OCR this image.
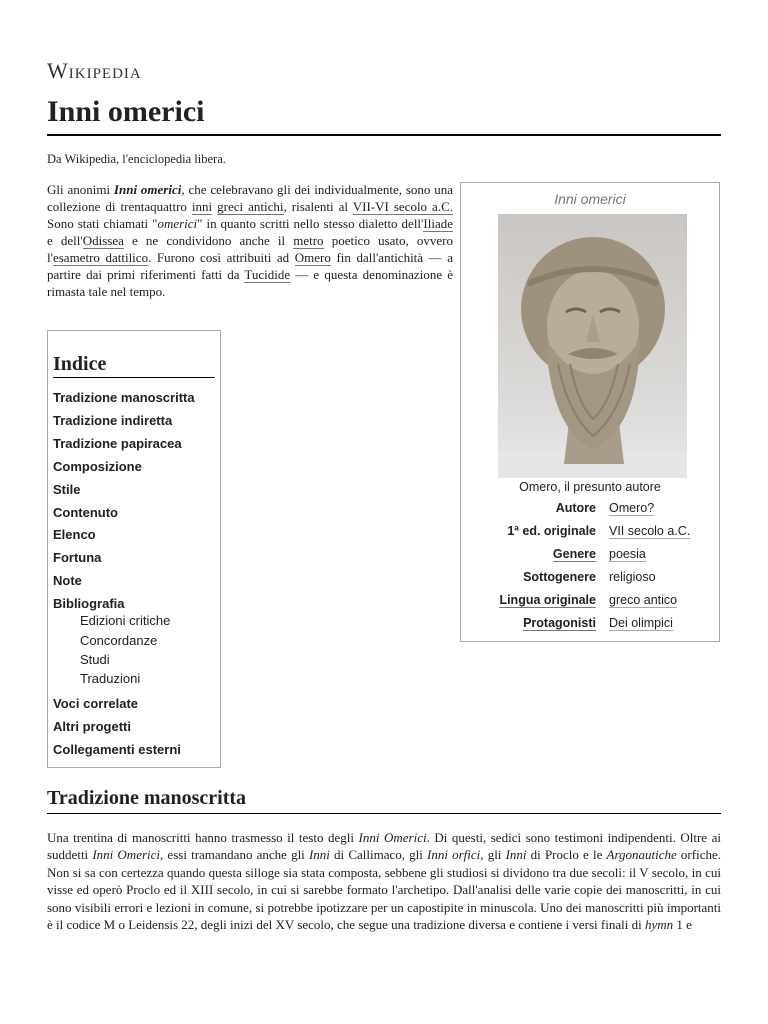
Wikipedia
Inni omerici
Da Wikipedia, l'enciclopedia libera.

Gli anonimi Inni omerici, che celebravano gli dei individualmente, sono una collezione di trentaquattro inni greci antichi, risalenti al VII-VI secolo a.C. Sono stati chiamati "omerici" in quanto scritti nello stesso dialetto dell'Iliade e dell'Odissea e ne condividono anche il metro poetico usato, ovvero l'esametro dattilico. Furono così attribuiti ad Omero fin dall'antichità — a partire dai primi riferimenti fatti da Tucidide — e questa denominazione è rimasta tale nel tempo.

Inni omerici
Omero, il presunto autore
Autore Omero?
1ª ed. originale VII secolo a.C.
Genere poesia
Sottogenere religioso
Lingua originale greco antico
Protagonisti Dei olimpici
Indice
Tradizione manoscritta
Tradizione indiretta
Tradizione papiracea
Composizione
Stile
Contenuto
Elenco
Fortuna
Note
Bibliografia
Edizioni critiche
Concordanze
Studi
Traduzioni
Voci correlate
Altri progetti
Collegamenti esterni
Tradizione manoscritta

Una trentina di manoscritti hanno trasmesso il testo degli Inni Omerici. Di questi, sedici sono testimoni indipendenti. Oltre ai suddetti Inni Omerici, essi tramandano anche gli Inni di Callimaco, gli Inni orfici, gli Inni di Proclo e le Argonautiche orfiche. Non si sa con certezza quando questa silloge sia stata composta, sebbene gli studiosi si dividono tra due secoli: il V secolo, in cui visse ed operò Proclo ed il XIII secolo, in cui si sarebbe formato l'archetipo. Dall'analisi delle varie copie dei manoscritti, in cui sono visibili errori e lezioni in comune, si potrebbe ipotizzare per un capostipite in minuscola. Uno dei manoscritti più importanti è il codice M o Leidensis 22, degli inizi del XV secolo, che segue una tradizione diversa e contiene i versi finali di hymn 1 e
